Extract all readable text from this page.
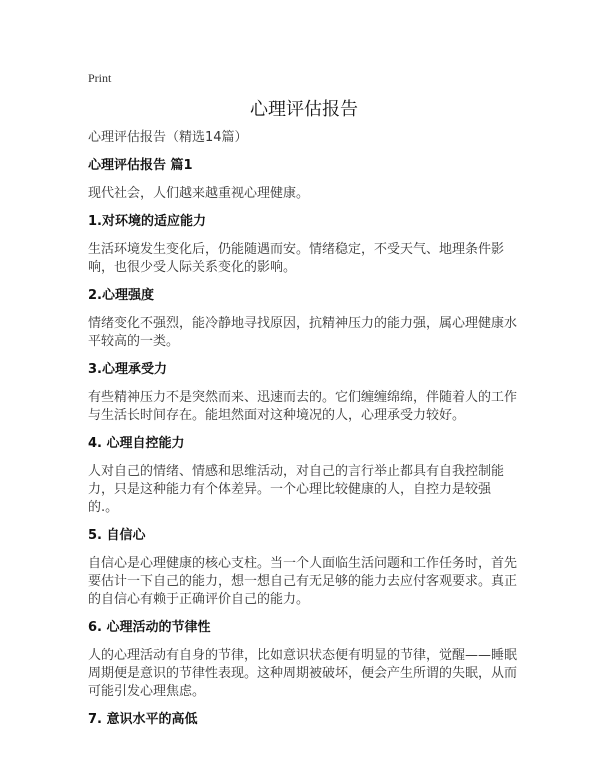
Print
心理评估报告

心理评估报告（精选14篇）

心理评估报告 篇1

现代社会，人们越来越重视心理健康。

1.对环境的适应能力

生活环境发生变化后，仍能随遇而安。情绪稳定，不受天气、地理条件影响，也很少受人际关系变化的影响。

2.心理强度

情绪变化不强烈，能冷静地寻找原因，抗精神压力的能力强，属心理健康水平较高的一类。

3.心理承受力

有些精神压力不是突然而来、迅速而去的。它们缠缠绵绵，伴随着人的工作与生活长时间存在。能坦然面对这种境况的人，心理承受力较好。

4. 心理自控能力

人对自己的情绪、情感和思维活动，对自己的言行举止都具有自我控制能力，只是这种能力有个体差异。一个心理比较健康的人，自控力是较强的.。

5. 自信心

自信心是心理健康的核心支柱。当一个人面临生活问题和工作任务时，首先要估计一下自己的能力，想一想自己有无足够的能力去应付客观要求。真正的自信心有赖于正确评价自己的能力。

6. 心理活动的节律性

人的心理活动有自身的节律，比如意识状态便有明显的节律，觉醒——睡眠周期便是意识的节律性表现。这种周期被破坏，便会产生所谓的失眠，从而可能引发心理焦虑。

7. 意识水平的高低
